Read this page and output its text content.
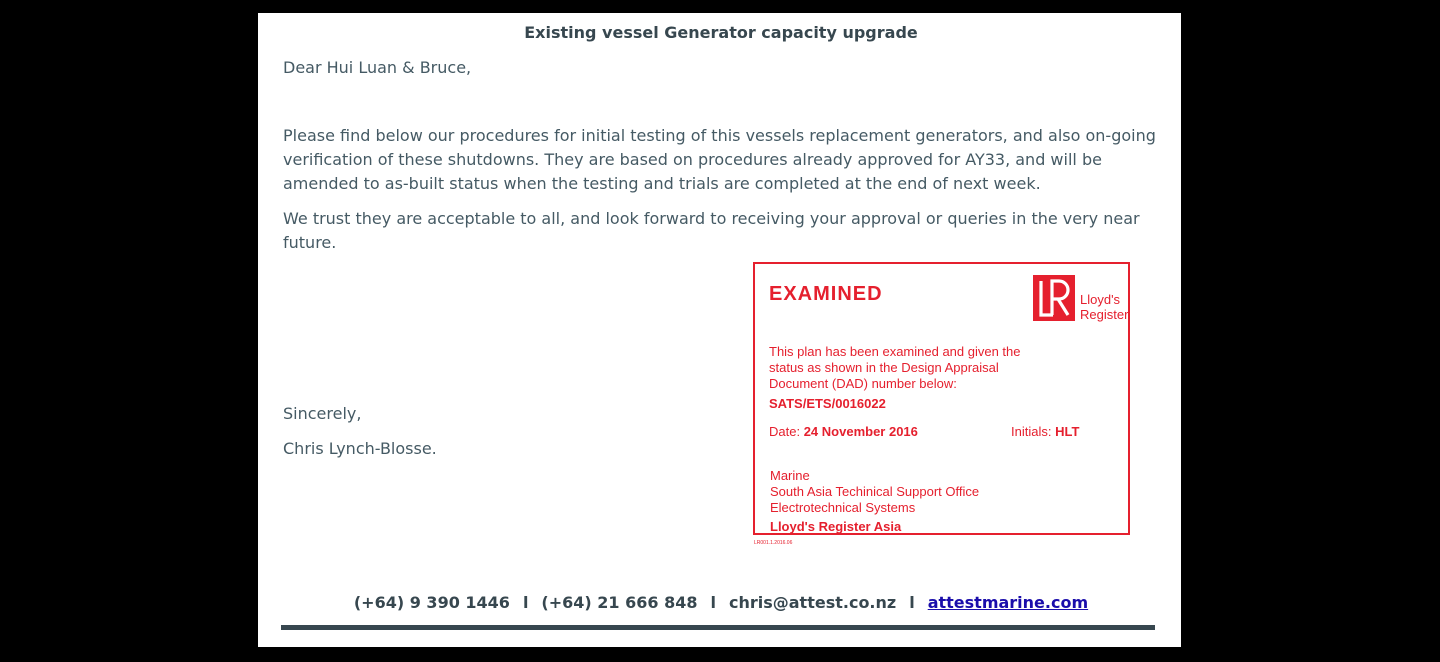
Existing vessel Generator capacity upgrade

Dear Hui Luan & Bruce,

Please find below our procedures for initial testing of this vessels replacement generators, and also on-going verification of these shutdowns. They are based on procedures already approved for AY33, and will be amended to as-built status when the testing and trials are completed at the end of next week.

We trust they are acceptable to all, and look forward to receiving your approval or queries in the very near future.

Sincerely,

Chris Lynch-Blosse.

EXAMINED	Lloyd's
Register
This plan has been examined and given the
status as shown in the Design Appraisal
Document (DAD) number below:
SATS/ETS/0016022
Date: 24 November 2016	Initials: HLT
Marine
South Asia Techinical Support Office
Electrotechnical Systems
Lloyd's Register Asia
LR001.1.2016.06
(+64) 9 390 1446 l (+64) 21 666 848 l chris@attest.co.nz l attestmarine.com
